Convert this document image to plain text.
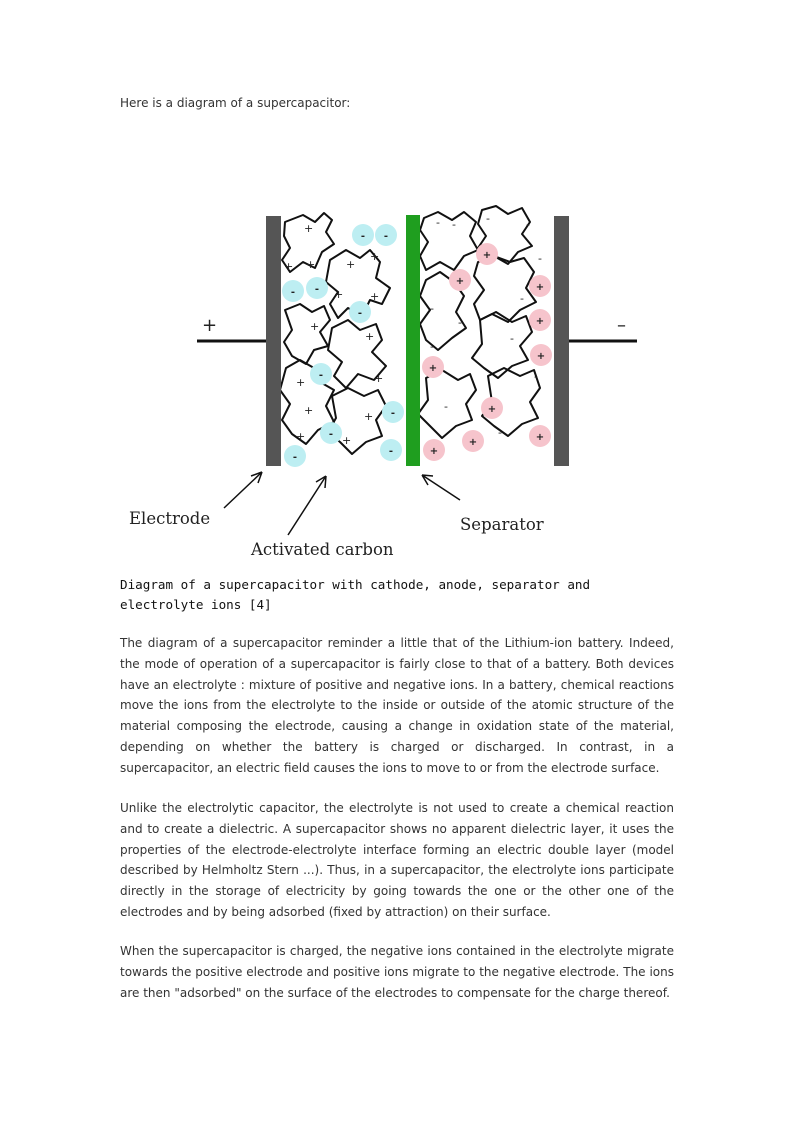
Here is a diagram of a supercapacitor:

+	–
+
+ +	+
+
+ +
+
+
+	+
+	+
+	+
- -	-	-
-
-
-
-
-
-
-
-
-
-
- -
- -
-
-
-
-
-
-
+
+
+
+
+
+
+
+	+
+
Electrode
Activated carbon
Separator

Diagram of a supercapacitor with cathode, anode, separator and electrolyte ions [4]

The diagram of a supercapacitor reminder a little that of the Lithium-ion battery. Indeed, the mode of operation of a supercapacitor is fairly close to that of a battery. Both devices have an electrolyte : mixture of positive and negative ions. In a battery, chemical reactions move the ions from the electrolyte to the inside or outside of the atomic structure of the material composing the electrode, causing a change in oxidation state of the material, depending on whether the battery is charged or discharged. In contrast, in a supercapacitor, an electric field causes the ions to move to or from the electrode surface.

Unlike the electrolytic capacitor, the electrolyte is not used to create a chemical reaction and to create a dielectric. A supercapacitor shows no apparent dielectric layer, it uses the properties of the electrode-electrolyte interface forming an electric double layer (model described by Helmholtz Stern ...). Thus, in a supercapacitor, the electrolyte ions participate directly in the storage of electricity by going towards the one or the other one of the electrodes and by being adsorbed (fixed by attraction) on their surface.

When the supercapacitor is charged, the negative ions contained in the electrolyte migrate towards the positive electrode and positive ions migrate to the negative electrode. The ions are then "adsorbed" on the surface of the electrodes to compensate for the charge thereof.
